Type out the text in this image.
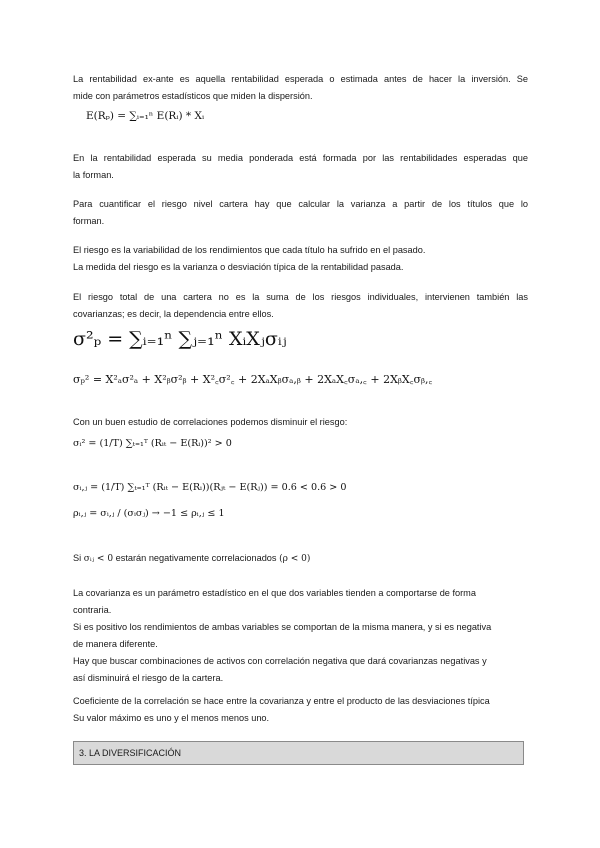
La rentabilidad ex-ante es aquella rentabilidad esperada o estimada antes de hacer la inversión. Se
mide con parámetros estadísticos que miden la dispersión.

E(Rₚ) = ∑ᵢ₌₁ⁿ E(Rᵢ) * Xᵢ

En la rentabilidad esperada su media ponderada está formada por las rentabilidades esperadas que
la forman.

Para cuantificar el riesgo nivel cartera hay que calcular la varianza a partir de los títulos que lo
forman.

El riesgo es la variabilidad de los rendimientos que cada título ha sufrido en el pasado.
La medida del riesgo es la varianza o desviación típica de la rentabilidad pasada.

El riesgo total de una cartera no es la suma de los riesgos individuales, intervienen también las
covarianzas; es decir, la dependencia entre ellos.

σ²ₚ = ∑ᵢ₌₁ⁿ ∑ⱼ₌₁ⁿ XᵢXⱼσᵢⱼ
σₚ² = X²ₐσ²ₐ + X²ᵦσ²ᵦ + X²꜀σ²꜀ + 2XₐXᵦσₐ,ᵦ + 2XₐX꜀σₐ,꜀ + 2XᵦX꜀σᵦ,꜀

Con un buen estudio de correlaciones podemos disminuir el riesgo:

σᵢ² = (1/T) ∑ₜ₌₁ᵀ (Rᵢₜ − E(Rᵢ))² > 0
σᵢ,ⱼ = (1/T) ∑ₜ₌₁ᵀ (Rᵢₜ − E(Rᵢ))(Rⱼₜ − E(Rⱼ)) = 0.6 < 0.6 > 0
ρᵢ,ⱼ = σᵢ,ⱼ / (σᵢσⱼ) → −1 ≤ ρᵢ,ⱼ ≤ 1
Si σᵢⱼ < 0 estarán negativamente correlacionados (ρ < 0)

La covarianza es un parámetro estadístico en el que dos variables tienden a comportarse de forma
contraria.
Si es positivo los rendimientos de ambas variables se comportan de la misma manera, y si es negativa
de manera diferente.
Hay que buscar combinaciones de activos con correlación negativa que dará covarianzas negativas y
así disminuirá el riesgo de la cartera.

Coeficiente de la correlación se hace entre la covarianza y entre el producto de las desviaciones típica
Su valor máximo es uno y el menos menos uno.

3. LA DIVERSIFICACIÓN
